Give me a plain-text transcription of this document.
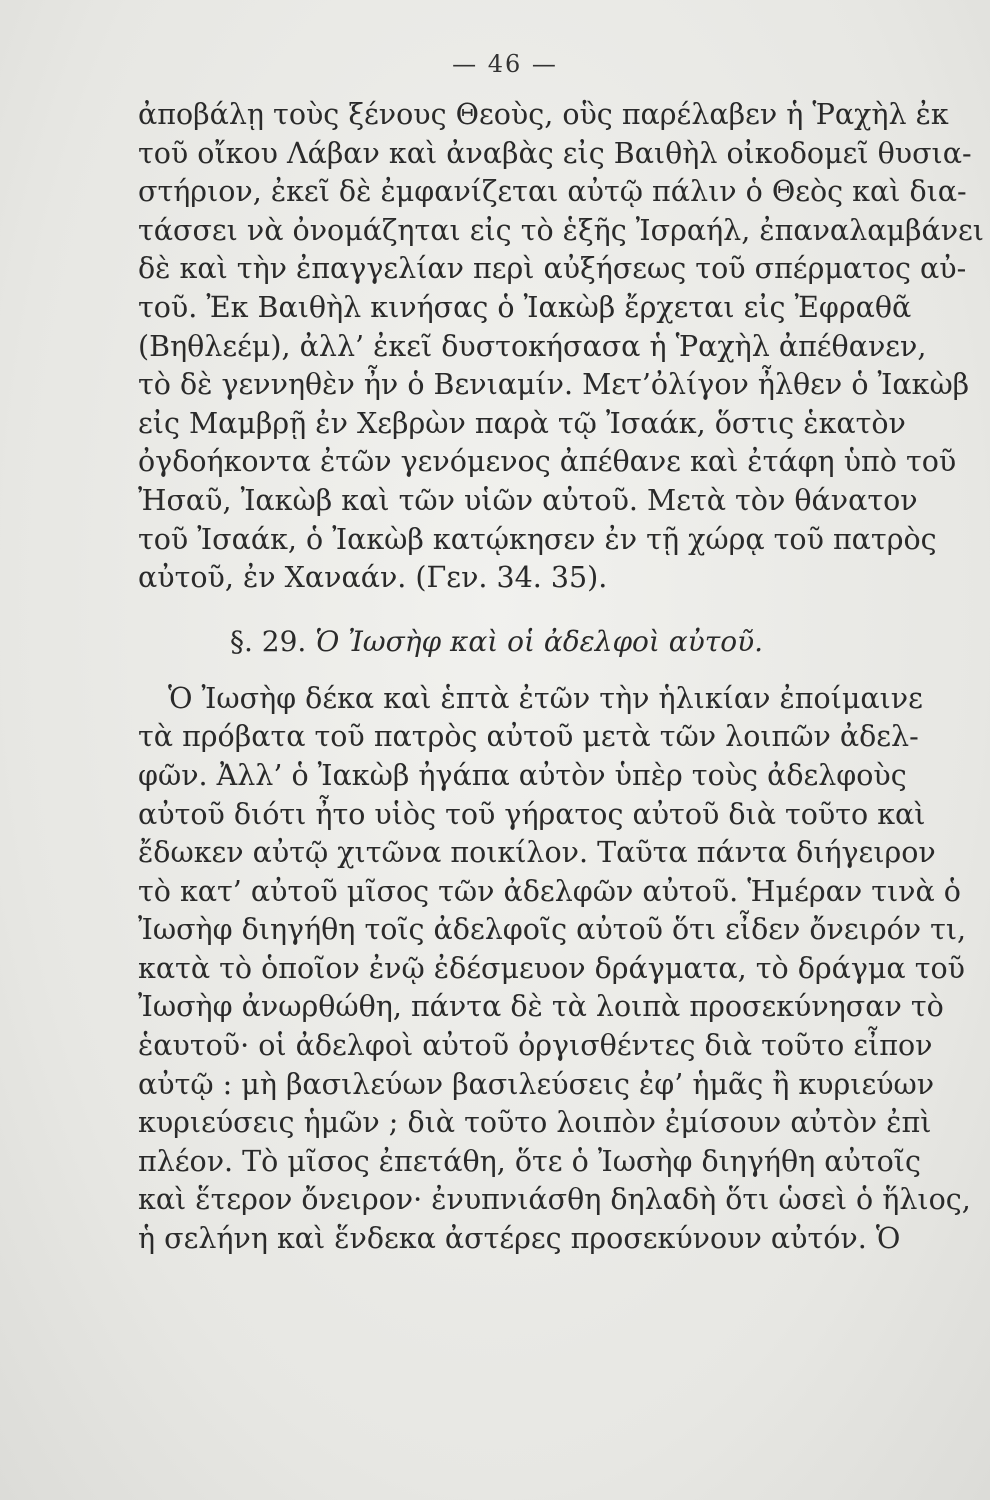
— 46 —
ἀποβάλῃ τοὺς ξένους Θεοὺς, οὓς παρέλαβεν ἡ Ῥαχὴλ ἐκ
τοῦ οἴκου Λάβαν καὶ ἀναβὰς εἰς Βαιθὴλ οἰκοδομεῖ θυσια-
στήριον, ἐκεῖ δὲ ἐμφανίζεται αὐτῷ πάλιν ὁ Θεὸς καὶ δια-
τάσσει νὰ ὀνομάζηται εἰς τὸ ἑξῆς Ἰσραήλ, ἐπαναλαμβάνει
δὲ καὶ τὴν ἐπαγγελίαν περὶ αὐξήσεως τοῦ σπέρματος αὐ-
τοῦ. Ἐκ Βαιθὴλ κινήσας ὁ Ἰακὼβ ἔρχεται εἰς Ἐφραθᾶ
(Βηθλεέμ), ἀλλ’ ἐκεῖ δυστοκήσασα ἡ Ῥαχὴλ ἀπέθανεν,
τὸ δὲ γεννηθὲν ἦν ὁ Βενιαμίν. Μετ’ὀλίγον ἦλθεν ὁ Ἰακὼβ
εἰς Μαμβρῇ ἐν Χεβρὼν παρὰ τῷ Ἰσαάκ, ὅστις ἑκατὸν
ὀγδοήκοντα ἐτῶν γενόμενος ἀπέθανε καὶ ἐτάφη ὑπὸ τοῦ
Ἠσαῦ, Ἰακὼβ καὶ τῶν υἱῶν αὐτοῦ. Μετὰ τὸν θάνατον
τοῦ Ἰσαάκ, ὁ Ἰακὼβ κατῴκησεν ἐν τῇ χώρᾳ τοῦ πατρὸς
αὐτοῦ, ἐν Χαναάν. (Γεν. 34. 35).
§. 29. Ὁ Ἰωσὴφ καὶ οἱ ἀδελφοὶ αὐτοῦ.
Ὁ Ἰωσὴφ δέκα καὶ ἑπτὰ ἐτῶν τὴν ἡλικίαν ἐποίμαινε
τὰ πρόβατα τοῦ πατρὸς αὐτοῦ μετὰ τῶν λοιπῶν ἀδελ-
φῶν. Ἀλλ’ ὁ Ἰακὼβ ἠγάπα αὐτὸν ὑπὲρ τοὺς ἀδελφοὺς
αὐτοῦ διότι ἦτο υἱὸς τοῦ γήρατος αὐτοῦ διὰ τοῦτο καὶ
ἔδωκεν αὐτῷ χιτῶνα ποικίλον. Ταῦτα πάντα διήγειρον
τὸ κατ’ αὐτοῦ μῖσος τῶν ἀδελφῶν αὐτοῦ. Ἡμέραν τινὰ ὁ
Ἰωσὴφ διηγήθη τοῖς ἀδελφοῖς αὐτοῦ ὅτι εἶδεν ὄνειρόν τι,
κατὰ τὸ ὁποῖον ἐνῷ ἐδέσμευον δράγματα, τὸ δράγμα τοῦ
Ἰωσὴφ ἀνωρθώθη, πάντα δὲ τὰ λοιπὰ προσεκύνησαν τὸ
ἑαυτοῦ· οἱ ἀδελφοὶ αὐτοῦ ὀργισθέντες διὰ τοῦτο εἶπον
αὐτῷ : μὴ βασιλεύων βασιλεύσεις ἐφ’ ἡμᾶς ἢ κυριεύων
κυριεύσεις ἡμῶν ; διὰ τοῦτο λοιπὸν ἐμίσουν αὐτὸν ἐπὶ
πλέον. Τὸ μῖσος ἐπετάθη, ὅτε ὁ Ἰωσὴφ διηγήθη αὐτοῖς
καὶ ἕτερον ὄνειρον· ἐνυπνιάσθη δηλαδὴ ὅτι ὡσεὶ ὁ ἥλιος,
ἡ σελήνη καὶ ἕνδεκα ἀστέρες προσεκύνουν αὐτόν. Ὁ
